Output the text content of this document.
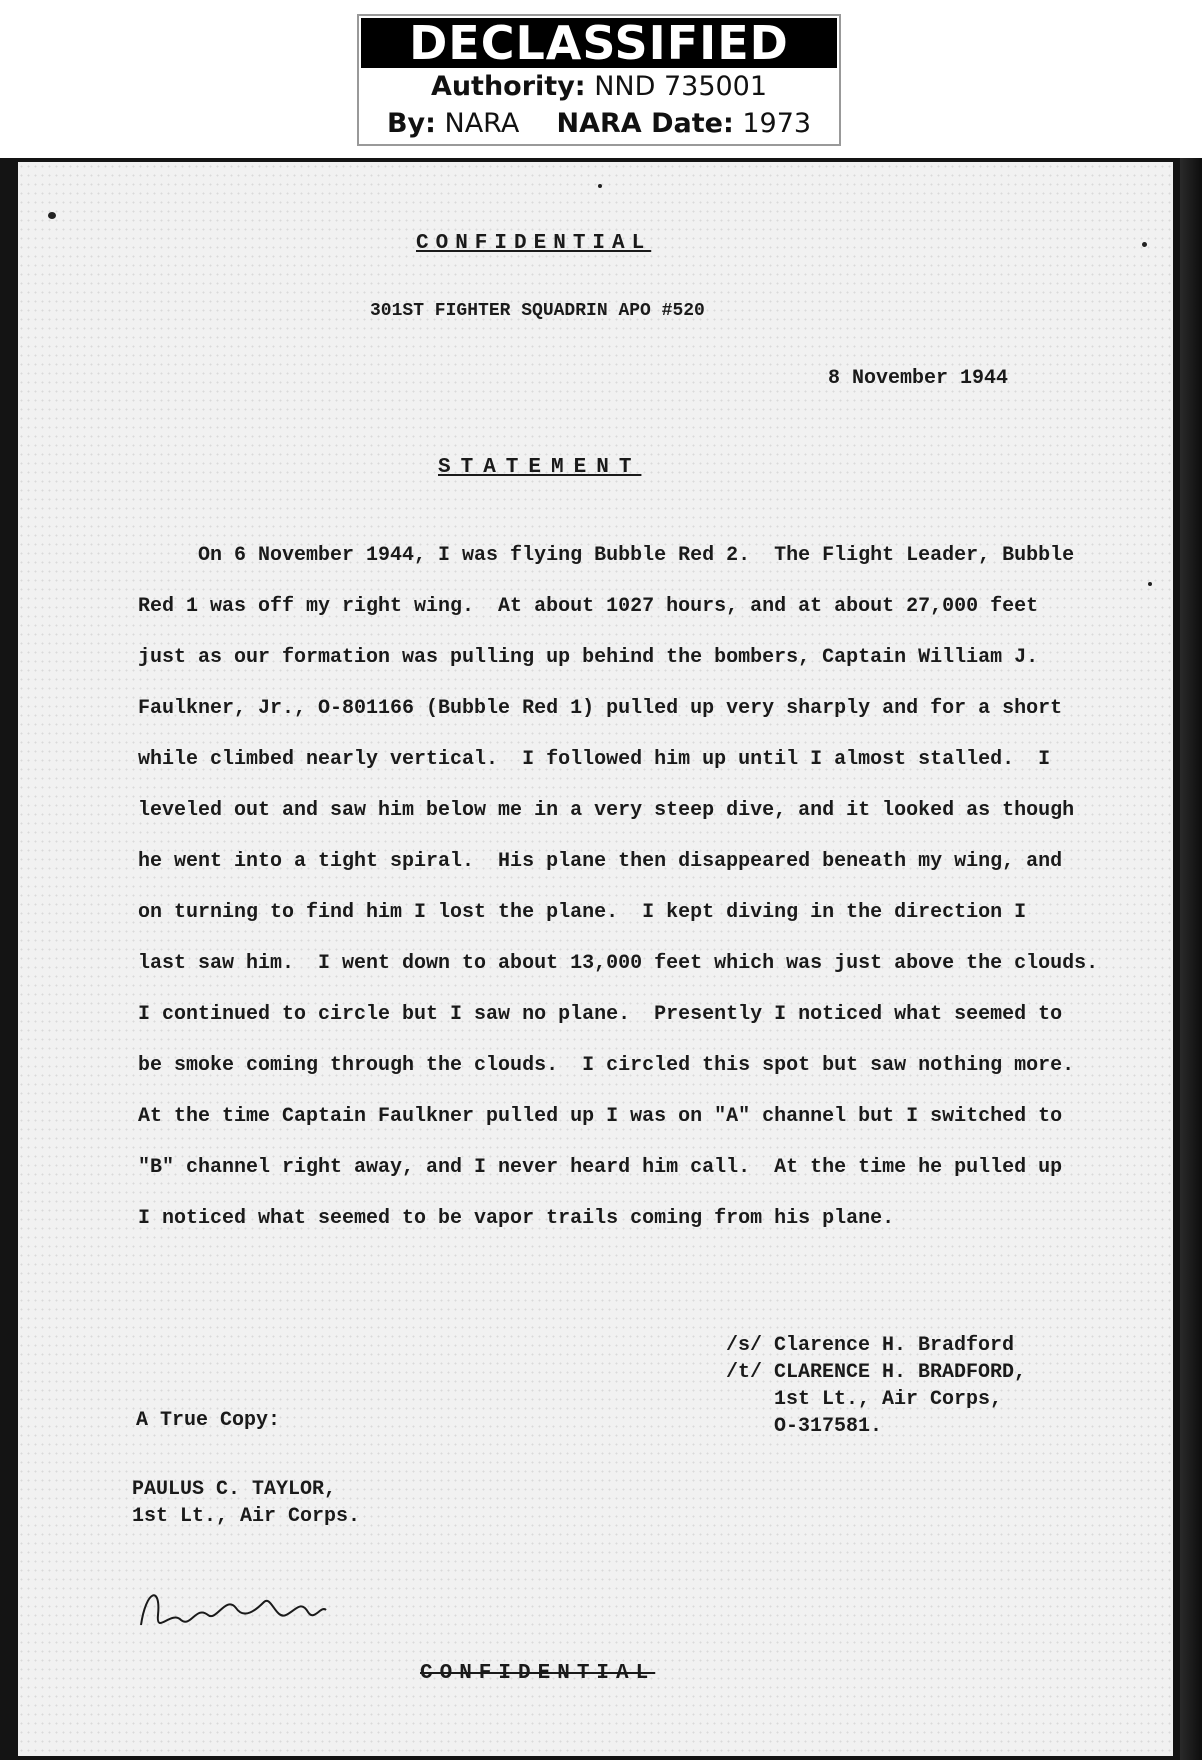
DECLASSIFIED
Authority: NND 735001
By: NARA NARA Date: 1973
CONFIDENTIAL
301ST FIGHTER SQUADRIN APO #520
8 November 1944
STATEMENT
On 6 November 1944, I was flying Bubble Red 2.  The Flight Leader, Bubble
Red 1 was off my right wing.  At about 1027 hours, and at about 27,000 feet
just as our formation was pulling up behind the bombers, Captain William J.
Faulkner, Jr., O-801166 (Bubble Red 1) pulled up very sharply and for a short
while climbed nearly vertical.  I followed him up until I almost stalled.  I
leveled out and saw him below me in a very steep dive, and it looked as though
he went into a tight spiral.  His plane then disappeared beneath my wing, and
on turning to find him I lost the plane.  I kept diving in the direction I
last saw him.  I went down to about 13,000 feet which was just above the clouds.
I continued to circle but I saw no plane.  Presently I noticed what seemed to
be smoke coming through the clouds.  I circled this spot but saw nothing more.
At the time Captain Faulkner pulled up I was on "A" channel but I switched to
"B" channel right away, and I never heard him call.  At the time he pulled up
I noticed what seemed to be vapor trails coming from his plane.
/s/ Clarence H. Bradford
/t/ CLARENCE H. BRADFORD,
1st Lt., Air Corps,
O-317581.
A True Copy:
PAULUS C. TAYLOR,
1st Lt., Air Corps.
CONFIDENTIAL
